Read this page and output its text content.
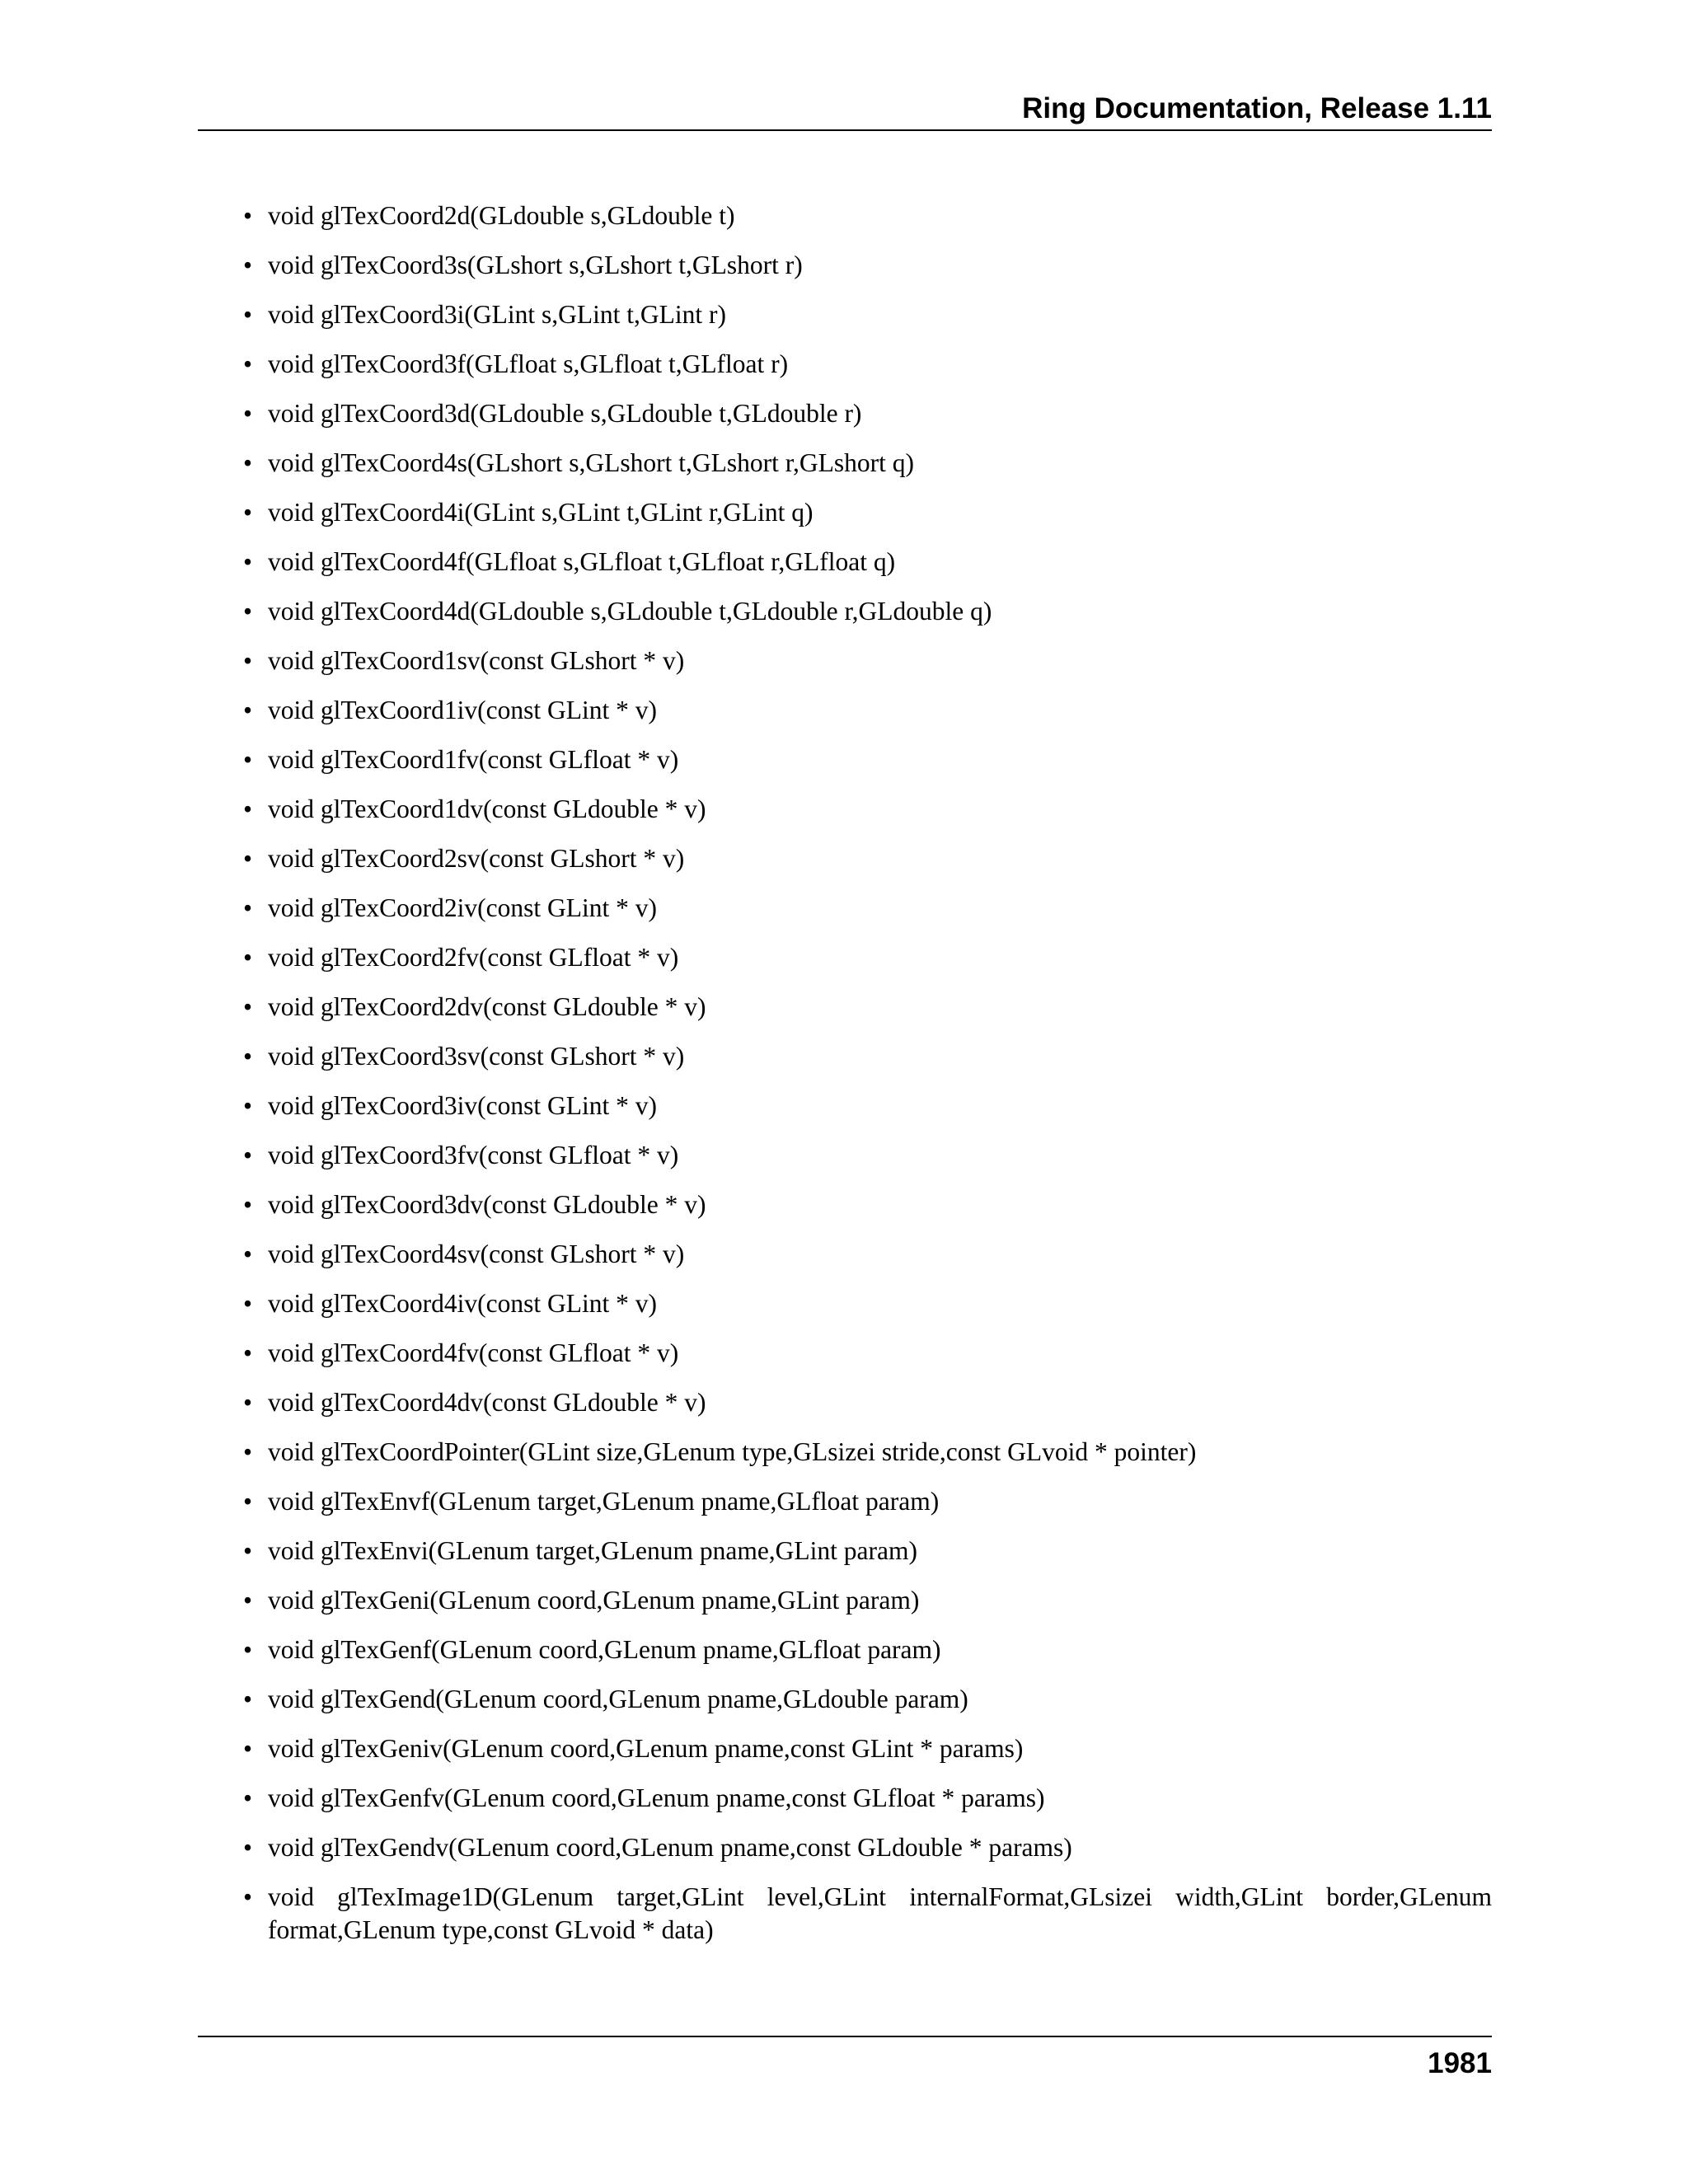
Ring Documentation, Release 1.11
• void glTexCoord2d(GLdouble s,GLdouble t)
• void glTexCoord3s(GLshort s,GLshort t,GLshort r)
• void glTexCoord3i(GLint s,GLint t,GLint r)
• void glTexCoord3f(GLfloat s,GLfloat t,GLfloat r)
• void glTexCoord3d(GLdouble s,GLdouble t,GLdouble r)
• void glTexCoord4s(GLshort s,GLshort t,GLshort r,GLshort q)
• void glTexCoord4i(GLint s,GLint t,GLint r,GLint q)
• void glTexCoord4f(GLfloat s,GLfloat t,GLfloat r,GLfloat q)
• void glTexCoord4d(GLdouble s,GLdouble t,GLdouble r,GLdouble q)
• void glTexCoord1sv(const GLshort * v)
• void glTexCoord1iv(const GLint * v)
• void glTexCoord1fv(const GLfloat * v)
• void glTexCoord1dv(const GLdouble * v)
• void glTexCoord2sv(const GLshort * v)
• void glTexCoord2iv(const GLint * v)
• void glTexCoord2fv(const GLfloat * v)
• void glTexCoord2dv(const GLdouble * v)
• void glTexCoord3sv(const GLshort * v)
• void glTexCoord3iv(const GLint * v)
• void glTexCoord3fv(const GLfloat * v)
• void glTexCoord3dv(const GLdouble * v)
• void glTexCoord4sv(const GLshort * v)
• void glTexCoord4iv(const GLint * v)
• void glTexCoord4fv(const GLfloat * v)
• void glTexCoord4dv(const GLdouble * v)
• void glTexCoordPointer(GLint size,GLenum type,GLsizei stride,const GLvoid * pointer)
• void glTexEnvf(GLenum target,GLenum pname,GLfloat param)
• void glTexEnvi(GLenum target,GLenum pname,GLint param)
• void glTexGeni(GLenum coord,GLenum pname,GLint param)
• void glTexGenf(GLenum coord,GLenum pname,GLfloat param)
• void glTexGend(GLenum coord,GLenum pname,GLdouble param)
• void glTexGeniv(GLenum coord,GLenum pname,const GLint * params)
• void glTexGenfv(GLenum coord,GLenum pname,const GLfloat * params)
• void glTexGendv(GLenum coord,GLenum pname,const GLdouble * params)
• void glTexImage1D(GLenum target,GLint level,GLint internalFormat,GLsizei width,GLint border,GLenum format,GLenum type,const GLvoid * data)
1981
